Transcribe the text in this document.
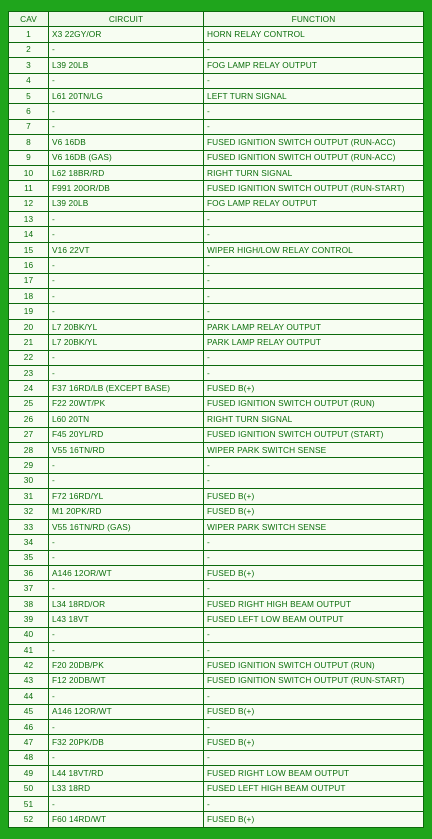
CAV	CIRCUIT	FUNCTION
1	X3 22GY/OR	HORN RELAY CONTROL
2	-	-
3	L39 20LB	FOG LAMP RELAY OUTPUT
4	-	-
5	L61 20TN/LG	LEFT TURN SIGNAL
6	-	-
7	-	-
8	V6 16DB	FUSED IGNITION SWITCH OUTPUT (RUN-ACC)
9	V6 16DB (GAS)	FUSED IGNITION SWITCH OUTPUT (RUN-ACC)
10	L62 18BR/RD	RIGHT TURN SIGNAL
11	F991 20OR/DB	FUSED IGNITION SWITCH OUTPUT (RUN-START)
12	L39 20LB	FOG LAMP RELAY OUTPUT
13	-	-
14	-	-
15	V16 22VT	WIPER HIGH/LOW RELAY CONTROL
16	-	-
17	-	-
18	-	-
19	-	-
20	L7 20BK/YL	PARK LAMP RELAY OUTPUT
21	L7 20BK/YL	PARK LAMP RELAY OUTPUT
22	-	-
23	-	-
24	F37 16RD/LB (EXCEPT BASE)	FUSED B(+)
25	F22 20WT/PK	FUSED IGNITION SWITCH OUTPUT (RUN)
26	L60 20TN	RIGHT TURN SIGNAL
27	F45 20YL/RD	FUSED IGNITION SWITCH OUTPUT (START)
28	V55 16TN/RD	WIPER PARK SWITCH SENSE
29	-	-
30	-	-
31	F72 16RD/YL	FUSED B(+)
32	M1 20PK/RD	FUSED B(+)
33	V55 16TN/RD (GAS)	WIPER PARK SWITCH SENSE
34	-	-
35	-	-
36	A146 12OR/WT	FUSED B(+)
37	-	-
38	L34 18RD/OR	FUSED RIGHT HIGH BEAM OUTPUT
39	L43 18VT	FUSED LEFT LOW BEAM OUTPUT
40	-	-
41	-	-
42	F20 20DB/PK	FUSED IGNITION SWITCH OUTPUT (RUN)
43	F12 20DB/WT	FUSED IGNITION SWITCH OUTPUT (RUN-START)
44	-	-
45	A146 12OR/WT	FUSED B(+)
46	-	-
47	F32 20PK/DB	FUSED B(+)
48	-	-
49	L44 18VT/RD	FUSED RIGHT LOW BEAM OUTPUT
50	L33 18RD	FUSED LEFT HIGH BEAM OUTPUT
51	-	-
52	F60 14RD/WT	FUSED B(+)
